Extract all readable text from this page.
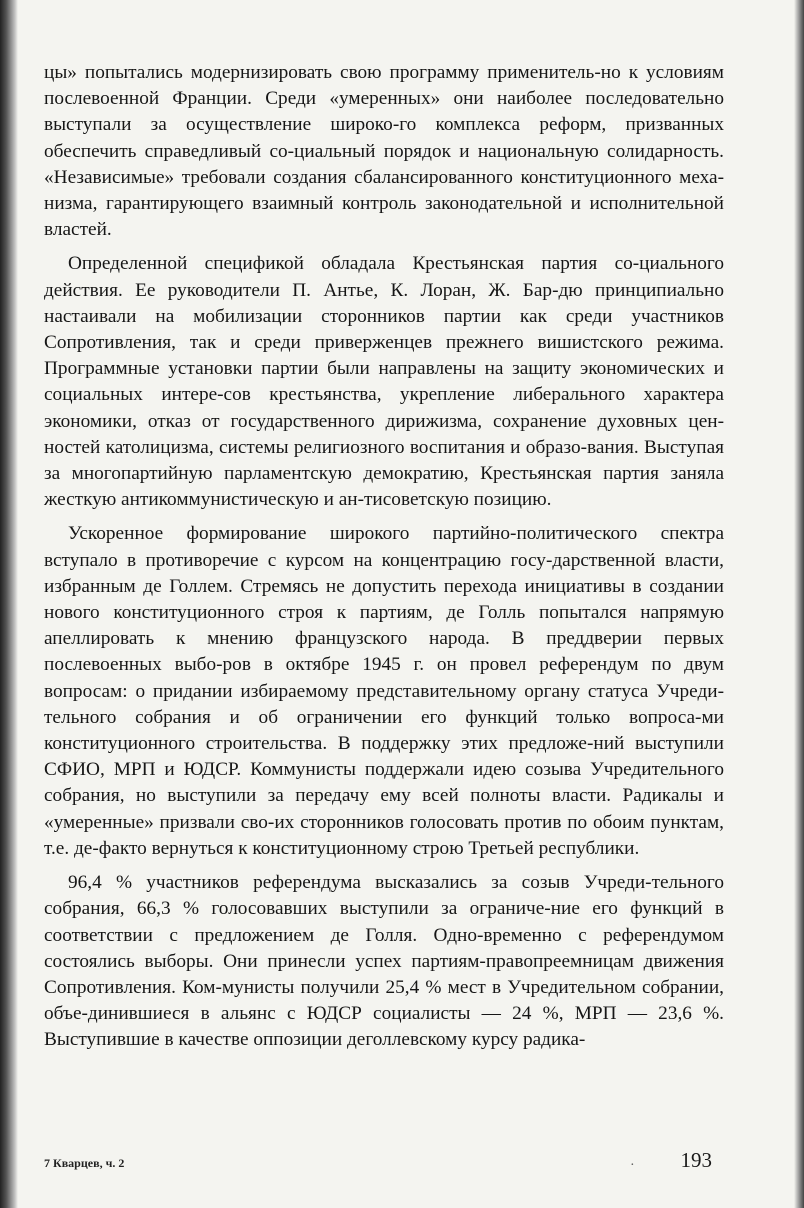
цы» попытались модернизировать свою программу применитель-но к условиям послевоенной Франции. Среди «умеренных» они наиболее последовательно выступали за осуществление широко-го комплекса реформ, призванных обеспечить справедливый со-циальный порядок и национальную солидарность. «Независимые» требовали создания сбалансированного конституционного меха-низма, гарантирующего взаимный контроль законодательной и исполнительной властей.

Определенной спецификой обладала Крестьянская партия со-циального действия. Ее руководители П. Антье, К. Лоран, Ж. Бар-дю принципиально настаивали на мобилизации сторонников партии как среди участников Сопротивления, так и среди приверженцев прежнего вишистского режима. Программные установки партии были направлены на защиту экономических и социальных интере-сов крестьянства, укрепление либерального характера экономики, отказ от государственного дирижизма, сохранение духовных цен-ностей католицизма, системы религиозного воспитания и образо-вания. Выступая за многопартийную парламентскую демократию, Крестьянская партия заняла жесткую антикоммунистическую и ан-тисоветскую позицию.

Ускоренное формирование широкого партийно-политического спектра вступало в противоречие с курсом на концентрацию госу-дарственной власти, избранным де Голлем. Стремясь не допустить перехода инициативы в создании нового конституционного строя к партиям, де Голль попытался напрямую апеллировать к мнению французского народа. В преддверии первых послевоенных выбо-ров в октябре 1945 г. он провел референдум по двум вопросам: о придании избираемому представительному органу статуса Учреди-тельного собрания и об ограничении его функций только вопроса-ми конституционного строительства. В поддержку этих предложе-ний выступили СФИО, МРП и ЮДСР. Коммунисты поддержали идею созыва Учредительного собрания, но выступили за передачу ему всей полноты власти. Радикалы и «умеренные» призвали сво-их сторонников голосовать против по обоим пунктам, т.е. де-факто вернуться к конституционному строю Третьей республики.

96,4 % участников референдума высказались за созыв Учреди-тельного собрания, 66,3 % голосовавших выступили за ограниче-ние его функций в соответствии с предложением де Голля. Одно-временно с референдумом состоялись выборы. Они принесли успех партиям-правопреемницам движения Сопротивления. Ком-мунисты получили 25,4 % мест в Учредительном собрании, объе-динившиеся в альянс с ЮДСР социалисты — 24 %, МРП — 23,6 %. Выступившие в качестве оппозиции деголлевскому курсу радика-

7 Кварцев, ч. 2	· 193
